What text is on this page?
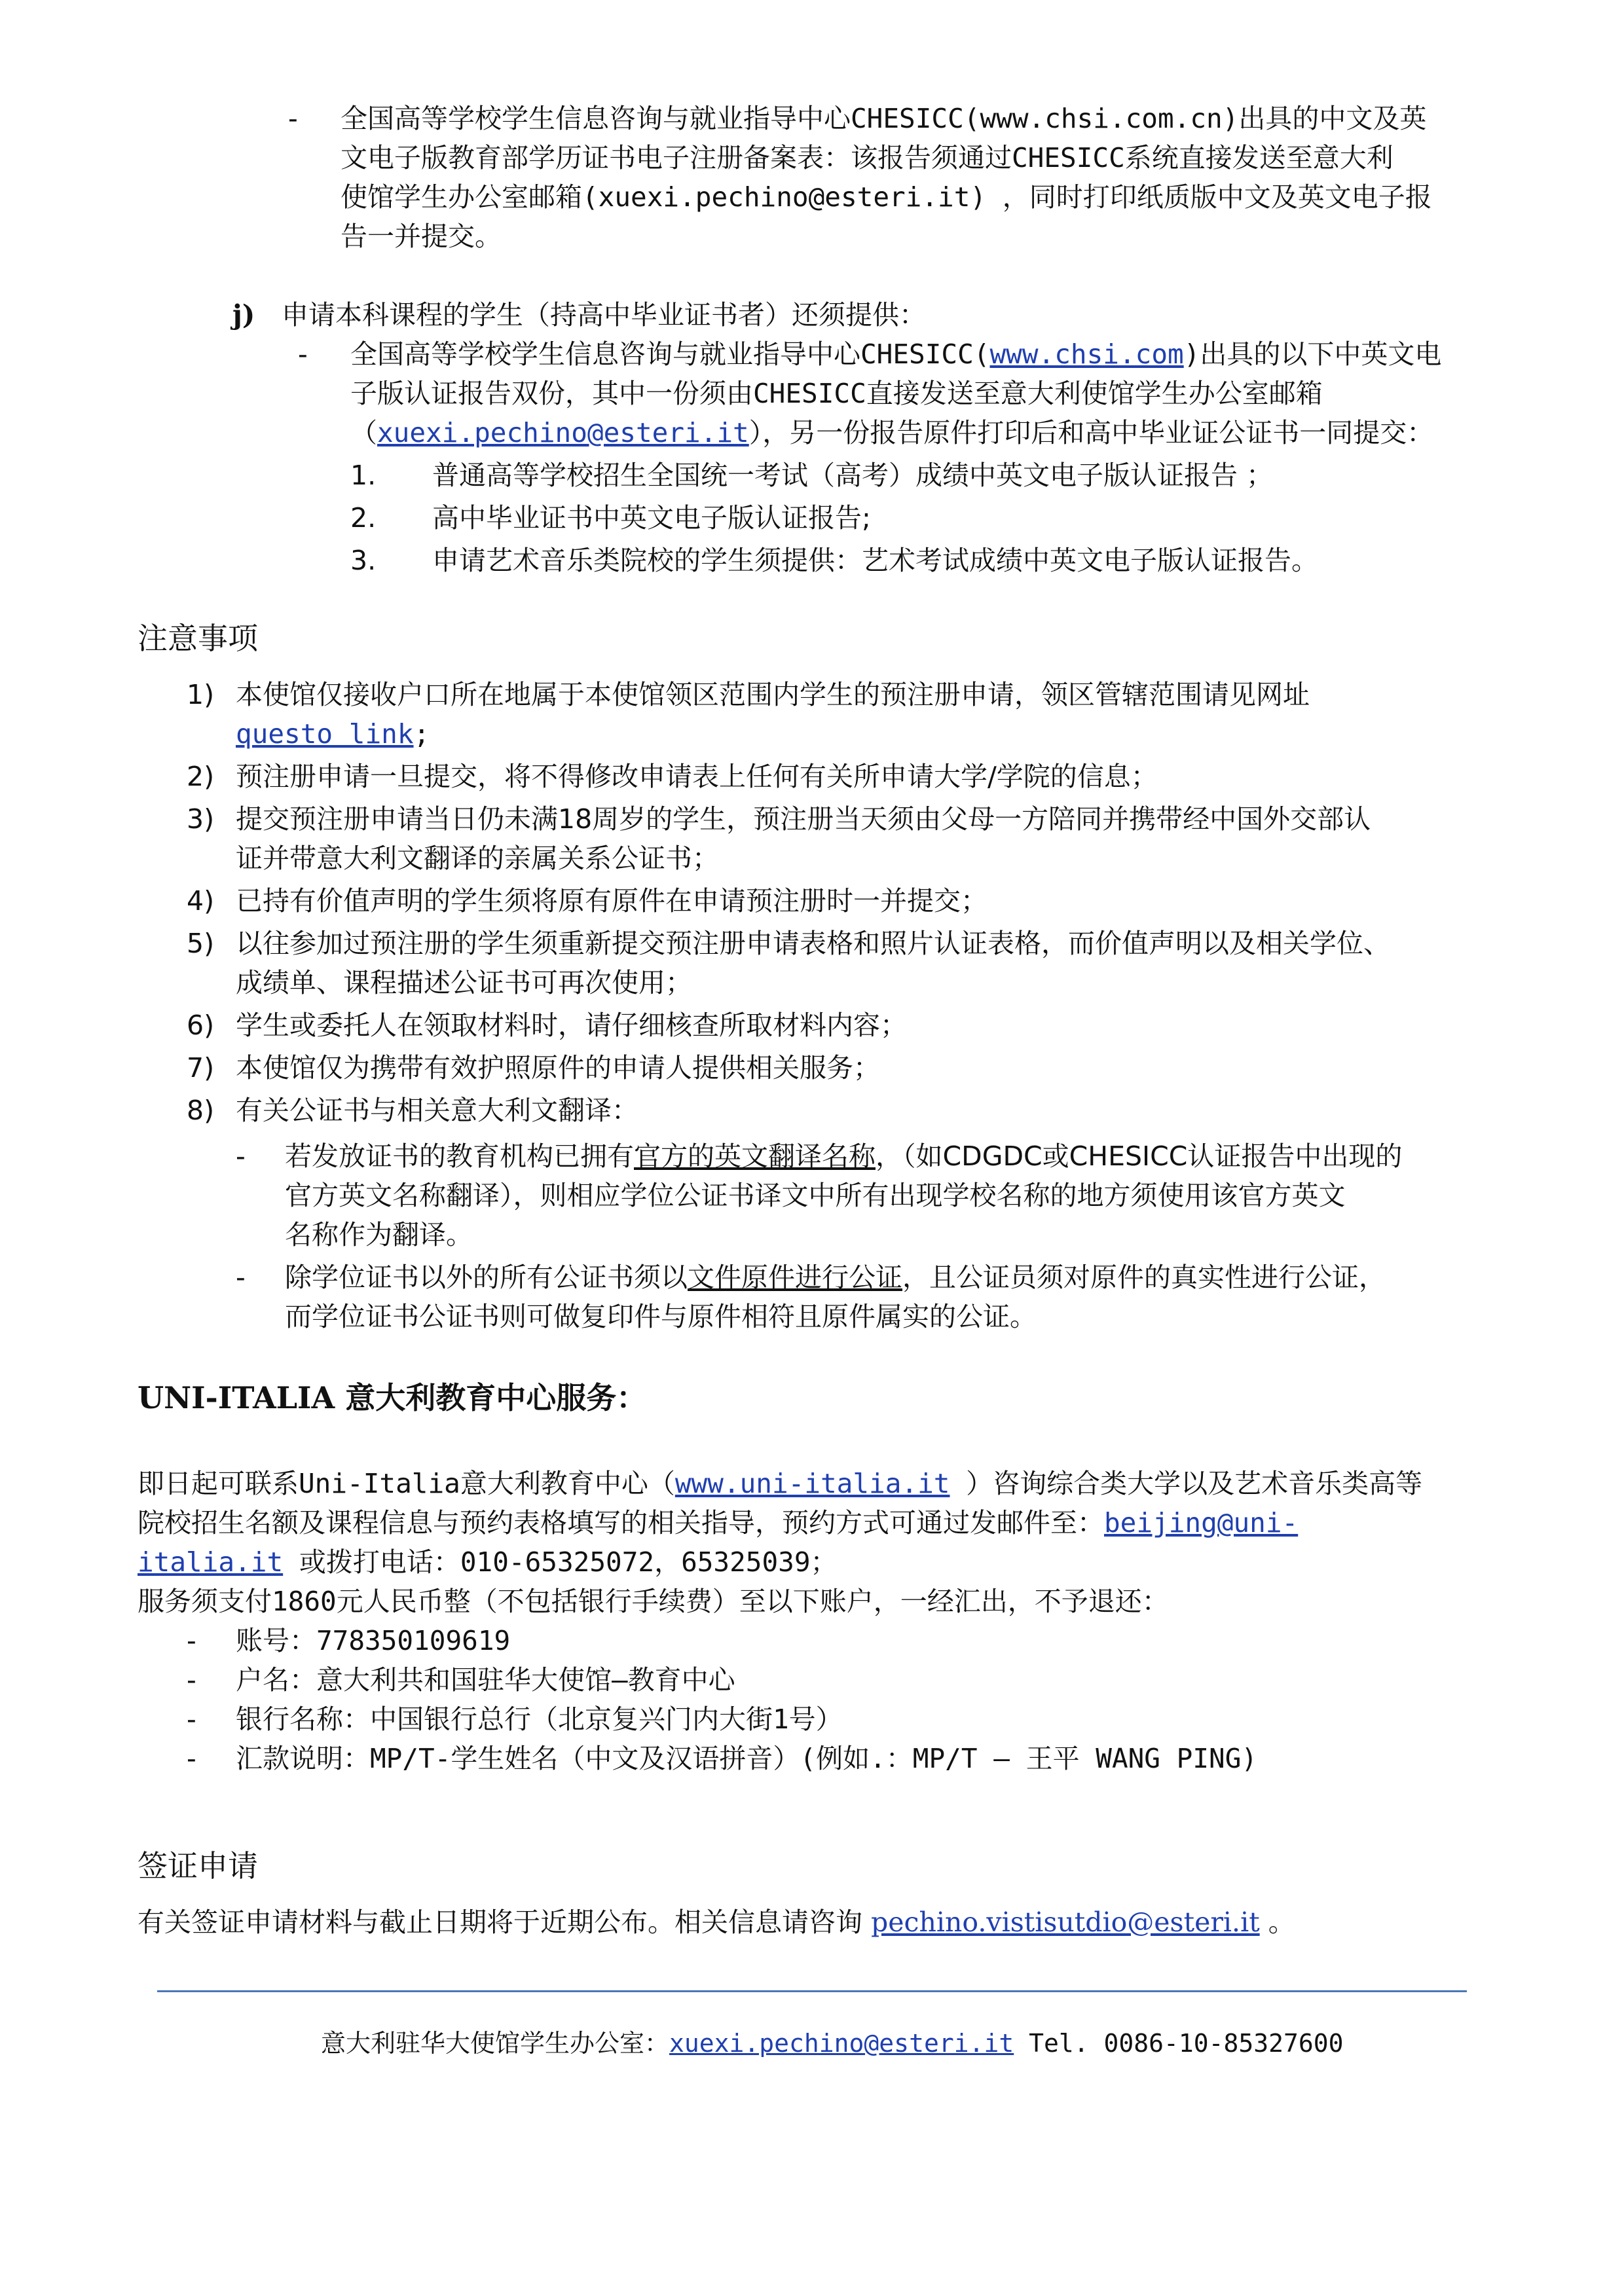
- 全国高等学校学生信息咨询与就业指导中心CHESICC(www.chsi.com.cn)出具的中文及英
文电子版教育部学历证书电子注册备案表：该报告须通过CHESICC系统直接发送至意大利
使馆学生办公室邮箱(xuexi.pechino@esteri.it) ，同时打印纸质版中文及英文电子报
告一并提交。
j) 申请本科课程的学生（持高中毕业证书者）还须提供：
- 全国高等学校学生信息咨询与就业指导中心CHESICC(www.chsi.com)出具的以下中英文电
子版认证报告双份，其中一份须由CHESICC直接发送至意大利使馆学生办公室邮箱
（xuexi.pechino@esteri.it），另一份报告原件打印后和高中毕业证公证书一同提交：
1. 普通高等学校招生全国统一考试（高考）成绩中英文电子版认证报告 ；
2. 高中毕业证书中英文电子版认证报告;
3. 申请艺术音乐类院校的学生须提供：艺术考试成绩中英文电子版认证报告。
注意事项
1) 本使馆仅接收户口所在地属于本使馆领区范围内学生的预注册申请，领区管辖范围请见网址
questo link;
2) 预注册申请一旦提交，将不得修改申请表上任何有关所申请大学/学院的信息；
3) 提交预注册申请当日仍未满18周岁的学生，预注册当天须由父母一方陪同并携带经中国外交部认
证并带意大利文翻译的亲属关系公证书；
4) 已持有价值声明的学生须将原有原件在申请预注册时一并提交；
5) 以往参加过预注册的学生须重新提交预注册申请表格和照片认证表格，而价值声明以及相关学位、
成绩单、课程描述公证书可再次使用；
6) 学生或委托人在领取材料时，请仔细核查所取材料内容；
7) 本使馆仅为携带有效护照原件的申请人提供相关服务；
8) 有关公证书与相关意大利文翻译：
- 若发放证书的教育机构已拥有官方的英文翻译名称，（如CDGDC或CHESICC认证报告中出现的
官方英文名称翻译），则相应学位公证书译文中所有出现学校名称的地方须使用该官方英文
名称作为翻译。
- 除学位证书以外的所有公证书须以文件原件进行公证，且公证员须对原件的真实性进行公证，
而学位证书公证书则可做复印件与原件相符且原件属实的公证。
UNI-ITALIA 意大利教育中心服务：
即日起可联系Uni-Italia意大利教育中心（www.uni-italia.it ）咨询综合类大学以及艺术音乐类高等
院校招生名额及课程信息与预约表格填写的相关指导，预约方式可通过发邮件至：beijing@uni-
italia.it 或拨打电话：010-65325072，65325039；
服务须支付1860元人民币整（不包括银行手续费）至以下账户，一经汇出，不予退还：
- 账号：778350109619
- 户名：意大利共和国驻华大使馆—教育中心
- 银行名称：中国银行总行（北京复兴门内大街1号）
- 汇款说明：MP/T-学生姓名（中文及汉语拼音）(例如.：MP/T – 王平 WANG PING)
签证申请
有关签证申请材料与截止日期将于近期公布。相关信息请咨询 pechino.vistisutdio@esteri.it 。
意大利驻华大使馆学生办公室：xuexi.pechino@esteri.it Tel. 0086-10-85327600
